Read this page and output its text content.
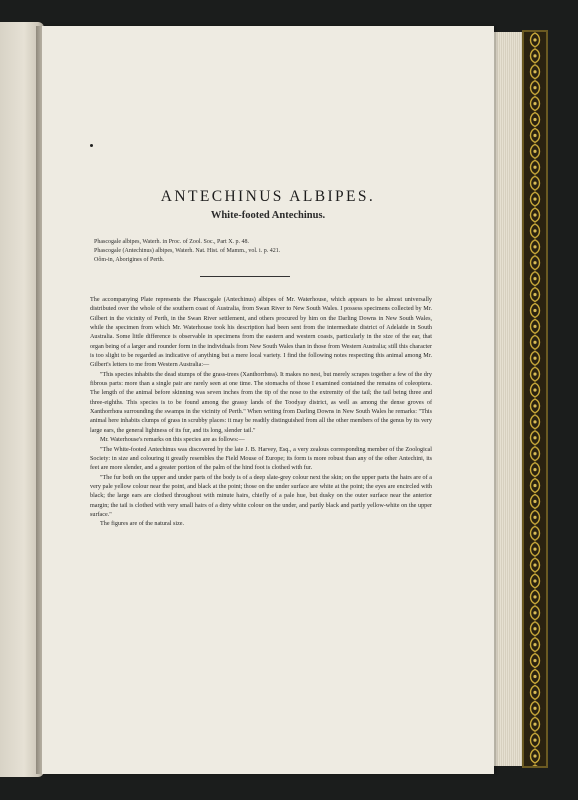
ANTECHINUS ALBIPES.
White-footed Antechinus.
Phascogale albipes, Waterh. in Proc. of Zool. Soc., Part X. p. 48.
Phascogale (Antechinus) albipes, Waterh. Nat. Hist. of Mamm., vol. i. p. 421.
Oôm-in, Aborigines of Perth.

The accompanying Plate represents the Phascogale (Antechinus) albipes of Mr. Waterhouse, which appears to be almost universally distributed over the whole of the southern coast of Australia, from Swan River to New South Wales. I possess specimens collected by Mr. Gilbert in the vicinity of Perth, in the Swan River settlement, and others procured by him on the Darling Downs in New South Wales, while the specimen from which Mr. Waterhouse took his description had been sent from the intermediate district of Adelaide in South Australia. Some little difference is observable in specimens from the eastern and western coasts, particularly in the size of the ear, that organ being of a larger and rounder form in the individuals from New South Wales than in those from Western Australia; still this character is too slight to be regarded as indicative of anything but a mere local variety. I find the following notes respecting this animal among Mr. Gilbert's letters to me from Western Australia:—

"This species inhabits the dead stumps of the grass-trees (Xanthorrhœa). It makes no nest, but merely scrapes together a few of the dry fibrous parts: more than a single pair are rarely seen at one time. The stomachs of those I examined contained the remains of coleoptera. The length of the animal before skinning was seven inches from the tip of the nose to the extremity of the tail; the tail being three and three-eighths. This species is to be found among the grassy lands of the Toodyay district, as well as among the dense groves of Xanthorrhœa surrounding the swamps in the vicinity of Perth." When writing from Darling Downs in New South Wales he remarks: "This animal here inhabits clumps of grass in scrubby places: it may be readily distinguished from all the other members of the genus by its very large ears, the general lightness of its fur, and its long, slender tail."

Mr. Waterhouse's remarks on this species are as follows:—

"The White-footed Antechinus was discovered by the late J. B. Harvey, Esq., a very zealous corresponding member of the Zoological Society: in size and colouring it greatly resembles the Field Mouse of Europe; its form is more robust than any of the other Antechini, its feet are more slender, and a greater portion of the palm of the hind foot is clothed with fur.

"The fur both on the upper and under parts of the body is of a deep slate-grey colour next the skin; on the upper parts the hairs are of a very pale yellow colour near the point, and black at the point; those on the under surface are white at the point; the eyes are encircled with black; the large ears are clothed throughout with minute hairs, chiefly of a pale hue, but dusky on the outer surface near the anterior margin; the tail is clothed with very small hairs of a dirty white colour on the under, and partly black and partly yellow-white on the upper surface."

The figures are of the natural size.
